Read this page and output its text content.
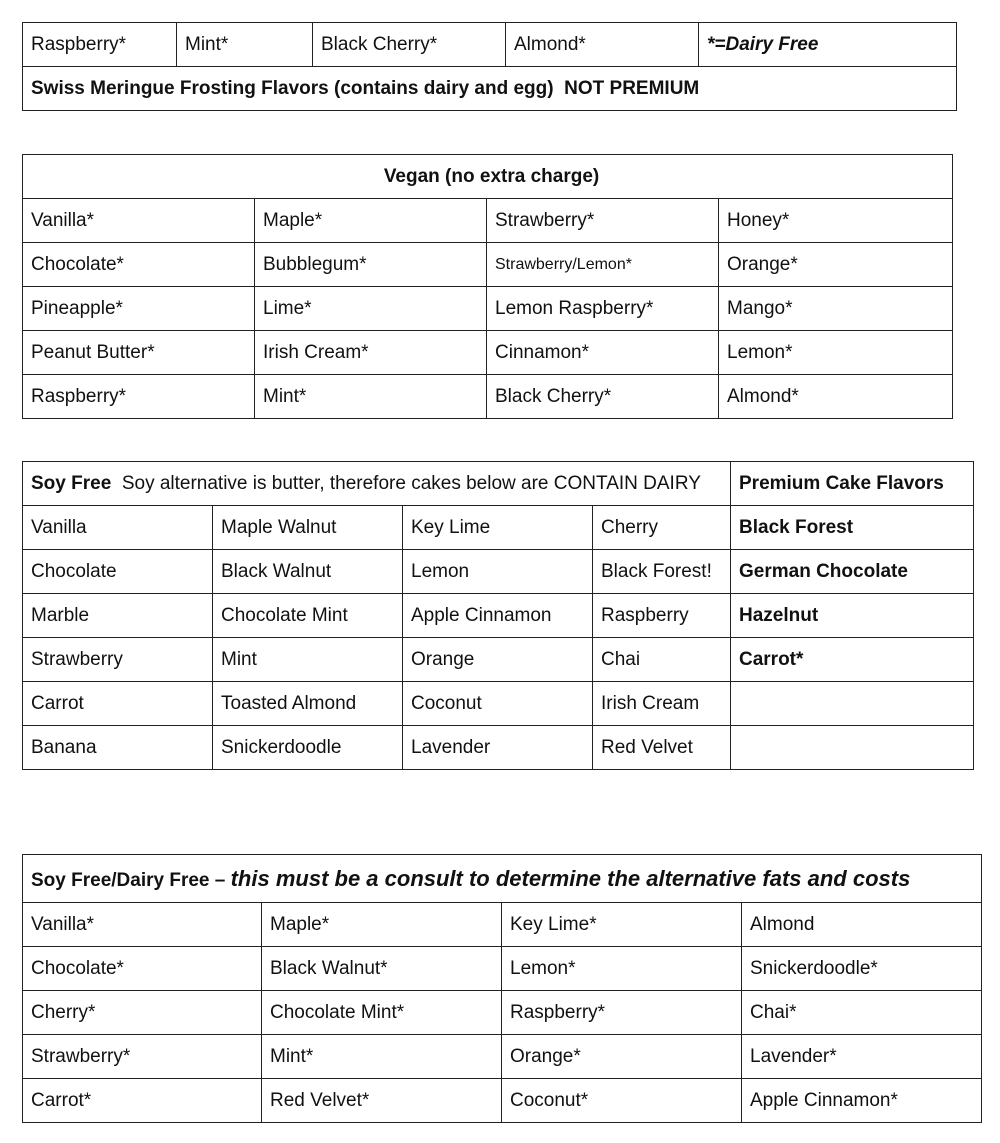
Raspberry*	Mint*	Black Cherry*	Almond*	*=Dairy Free
Swiss Meringue Frosting Flavors (contains dairy and egg)  NOT PREMIUM
Vegan (no extra charge)			
Vanilla*	Maple*	Strawberry*	Honey*
Chocolate*	Bubblegum*	Strawberry/Lemon*	Orange*
Pineapple*	Lime*	Lemon Raspberry*	Mango*
Peanut Butter*	Irish Cream*	Cinnamon*	Lemon*
Raspberry*	Mint*	Black Cherry*	Almond*
Soy Free  Soy alternative is butter, therefore cakes below are CONTAIN DAIRY				Premium Cake Flavors
Vanilla	Maple Walnut	Key Lime	Cherry	Black Forest
Chocolate	Black Walnut	Lemon	Black Forest!	German Chocolate
Marble	Chocolate Mint	Apple Cinnamon	Raspberry	Hazelnut
Strawberry	Mint	Orange	Chai	Carrot*
Carrot	Toasted Almond	Coconut	Irish Cream	
Banana	Snickerdoodle	Lavender	Red Velvet	
Soy Free/Dairy Free – this must be a consult to determine the alternative fats and costs			
Vanilla*	Maple*	Key Lime*	Almond
Chocolate*	Black Walnut*	Lemon*	Snickerdoodle*
Cherry*	Chocolate Mint*	Raspberry*	Chai*
Strawberry*	Mint*	Orange*	Lavender*
Carrot*	Red Velvet*	Coconut*	Apple Cinnamon*
